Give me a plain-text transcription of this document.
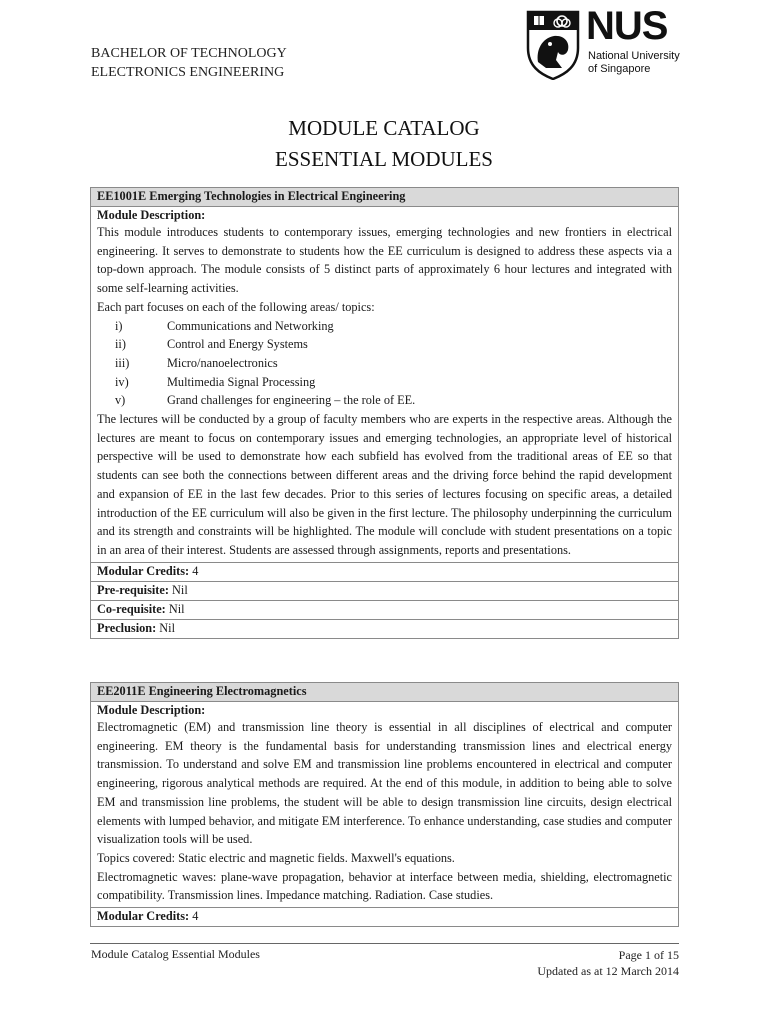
BACHELOR OF TECHNOLOGY
ELECTRONICS ENGINEERING
NUS
National University
of Singapore
MODULE CATALOG
ESSENTIAL MODULES
EE1001E Emerging Technologies in Electrical Engineering

Module Description:

This module introduces students to contemporary issues, emerging technologies and new frontiers in electrical engineering. It serves to demonstrate to students how the EE curriculum is designed to address these aspects via a top-down approach. The module consists of 5 distinct parts of approximately 6 hour lectures and integrated with some self-learning activities.

Each part focuses on each of the following areas/ topics:

i)	Communications and Networking
ii)	Control and Energy Systems
iii)	Micro/nanoelectronics
iv)	Multimedia Signal Processing
v)	Grand challenges for engineering – the role of EE.

The lectures will be conducted by a group of faculty members who are experts in the respective areas. Although the lectures are meant to focus on contemporary issues and emerging technologies, an appropriate level of historical perspective will be used to demonstrate how each subfield has evolved from the traditional areas of EE so that students can see both the connections between different areas and the driving force behind the rapid development and expansion of EE in the last few decades. Prior to this series of lectures focusing on specific areas, a detailed introduction of the EE curriculum will also be given in the first lecture. The philosophy underpinning the curriculum and its strength and constraints will be highlighted. The module will conclude with student presentations on a topic in an area of their interest. Students are assessed through assignments, reports and presentations.

Modular Credits: 4
Pre-requisite: Nil
Co-requisite: Nil
Preclusion: Nil
EE2011E Engineering Electromagnetics

Module Description:

Electromagnetic (EM) and transmission line theory is essential in all disciplines of electrical and computer engineering. EM theory is the fundamental basis for understanding transmission lines and electrical energy transmission. To understand and solve EM and transmission line problems encountered in electrical and computer engineering, rigorous analytical methods are required. At the end of this module, in addition to being able to solve EM and transmission line problems, the student will be able to design transmission line circuits, design electrical elements with lumped behavior, and mitigate EM interference. To enhance understanding, case studies and computer visualization tools will be used.

Topics covered: Static electric and magnetic fields. Maxwell's equations.

Electromagnetic waves: plane-wave propagation, behavior at interface between media, shielding, electromagnetic compatibility. Transmission lines. Impedance matching. Radiation. Case studies.

Modular Credits: 4
Module Catalog Essential Modules	Page 1 of 15
Updated as at 12 March 2014
